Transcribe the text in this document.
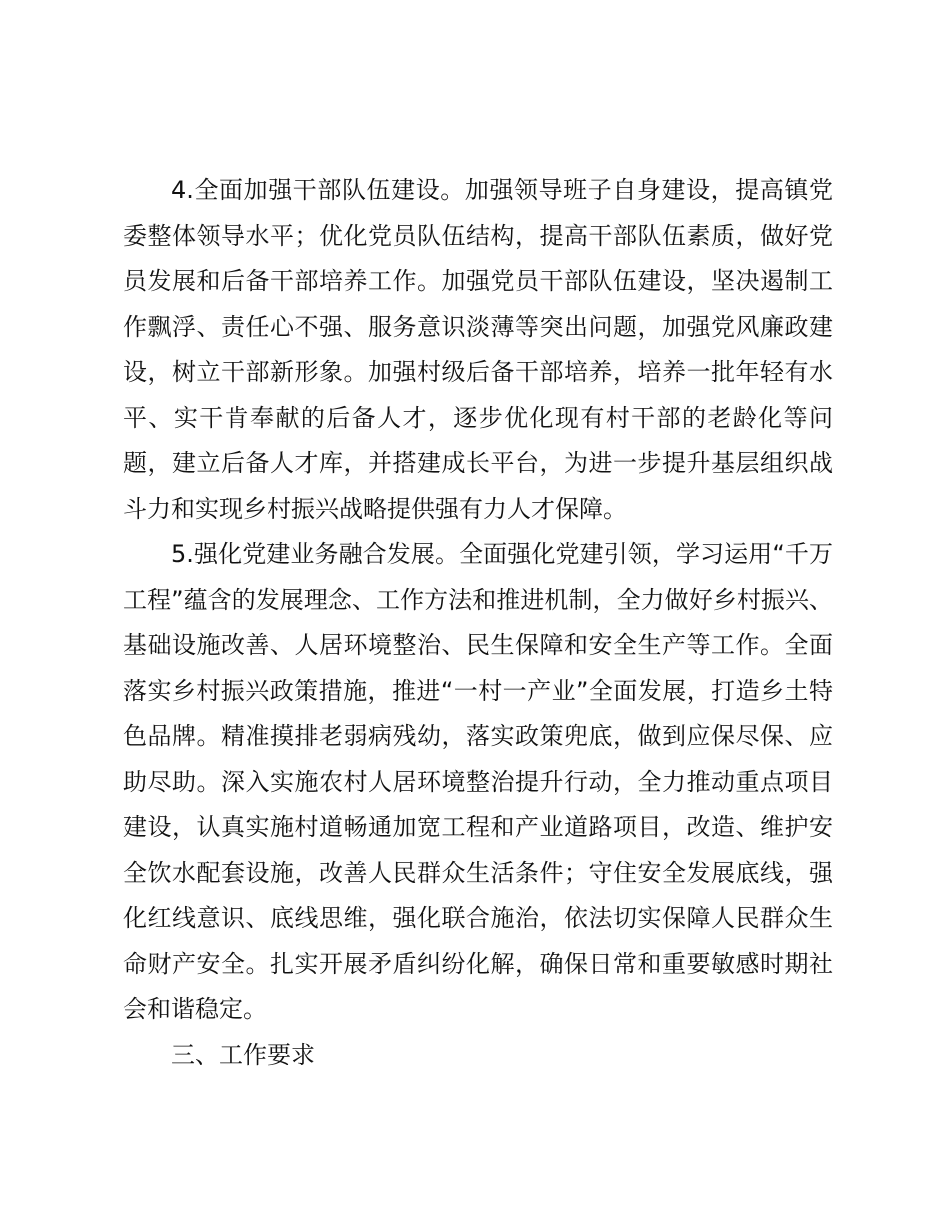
4.全面加强干部队伍建设。加强领导班子自身建设，提高镇党委整体领导水平；优化党员队伍结构，提高干部队伍素质，做好党员发展和后备干部培养工作。加强党员干部队伍建设，坚决遏制工作飘浮、责任心不强、服务意识淡薄等突出问题，加强党风廉政建设，树立干部新形象。加强村级后备干部培养，培养一批年轻有水平、实干肯奉献的后备人才，逐步优化现有村干部的老龄化等问题，建立后备人才库，并搭建成长平台，为进一步提升基层组织战斗力和实现乡村振兴战略提供强有力人才保障。

5.强化党建业务融合发展。全面强化党建引领，学习运用“千万工程”蕴含的发展理念、工作方法和推进机制，全力做好乡村振兴、基础设施改善、人居环境整治、民生保障和安全生产等工作。全面落实乡村振兴政策措施，推进“一村一产业”全面发展，打造乡土特色品牌。精准摸排老弱病残幼，落实政策兜底，做到应保尽保、应助尽助。深入实施农村人居环境整治提升行动，全力推动重点项目建设，认真实施村道畅通加宽工程和产业道路项目，改造、维护安全饮水配套设施，改善人民群众生活条件；守住安全发展底线，强化红线意识、底线思维，强化联合施治，依法切实保障人民群众生命财产安全。扎实开展矛盾纠纷化解，确保日常和重要敏感时期社会和谐稳定。

三、工作要求
